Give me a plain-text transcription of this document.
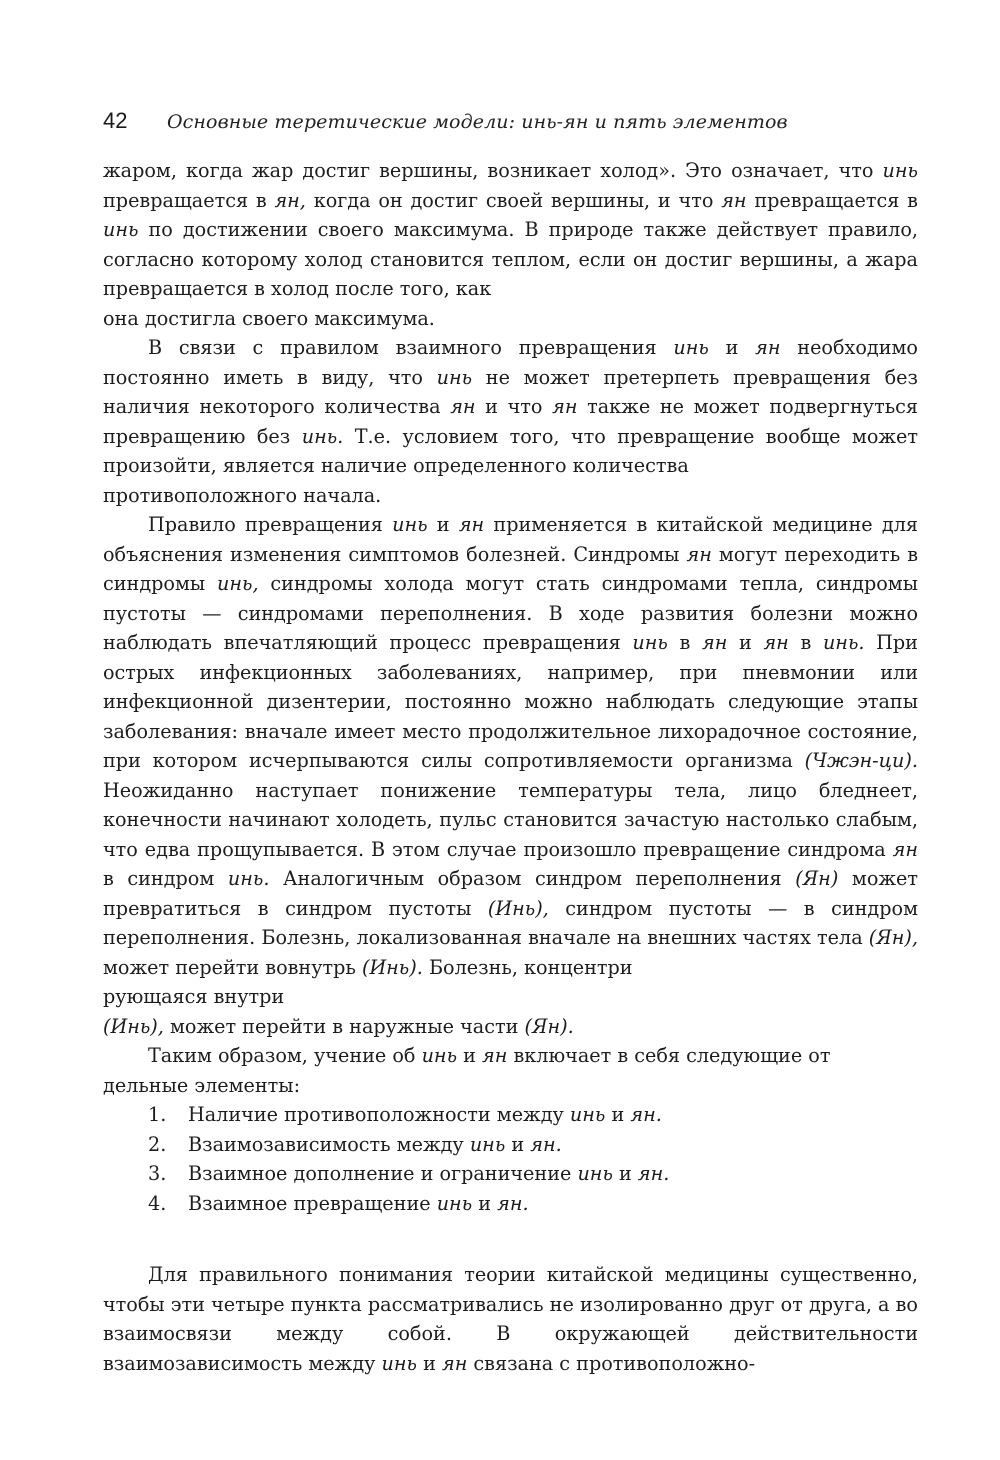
42 Основные теретические модели: инь-ян и пять элементов

жаром, когда жар достиг вершины, возникает холод». Это означает, что инь превращается в ян, когда он достиг своей вершины, и что ян превращается в инь по достижении своего максимума. В природе также действует правило, согласно которому холод становится теплом, если он достиг вершины, а жара превращается в холод после того, как
она достигла своего максимума.

В связи с правилом взаимного превращения инь и ян необходимо постоянно иметь в виду, что инь не может претерпеть превращения без наличия некоторого количества ян и что ян также не может подвергнуться превращению без инь. Т.е. условием того, что превращение вообще может произойти, является наличие определенного количества
противоположного начала.

Правило превращения инь и ян применяется в китайской медицине для объяснения изменения симптомов болезней. Синдромы ян могут переходить в синдромы инь, синдромы холода могут стать синдромами тепла, синдромы пустоты — синдромами переполнения. В ходе развития болезни можно наблюдать впечатляющий процесс превращения инь в ян и ян в инь. При острых инфекционных заболеваниях, например, при пневмонии или инфекционной дизентерии, постоянно можно наблюдать следующие этапы заболевания: вначале имеет место продолжительное лихорадочное состояние, при котором исчерпываются силы сопротивляемости организма (Чжэн-ци). Неожиданно наступает понижение температуры тела, лицо бледнеет, конечности начинают холодеть, пульс становится зачастую настолько слабым, что едва прощупывается. В этом случае произошло превращение синдрома ян в синдром инь. Аналогичным образом синдром переполнения (Ян) может превратиться в синдром пустоты (Инь), синдром пустоты — в синдром переполнения. Болезнь, локализованная вначале на внешних частях тела (Ян), может перейти вовнутрь (Инь). Болезнь, концентри
рующаяся внутри
(Инь), может перейти в наружные части (Ян).

Таким образом, учение об инь и ян включает в себя следующие от
дельные элементы:

1.	Наличие противоположности между инь и ян.
2.	Взаимозависимость между инь и ян.
3.	Взаимное дополнение и ограничение инь и ян.
4.	Взаимное превращение инь и ян.

Для правильного понимания теории китайской медицины существенно, чтобы эти четыре пункта рассматривались не изолированно друг от друга, а во взаимосвязи между собой. В окружающей действительности взаимозависимость между инь и ян связана с противоположно-
